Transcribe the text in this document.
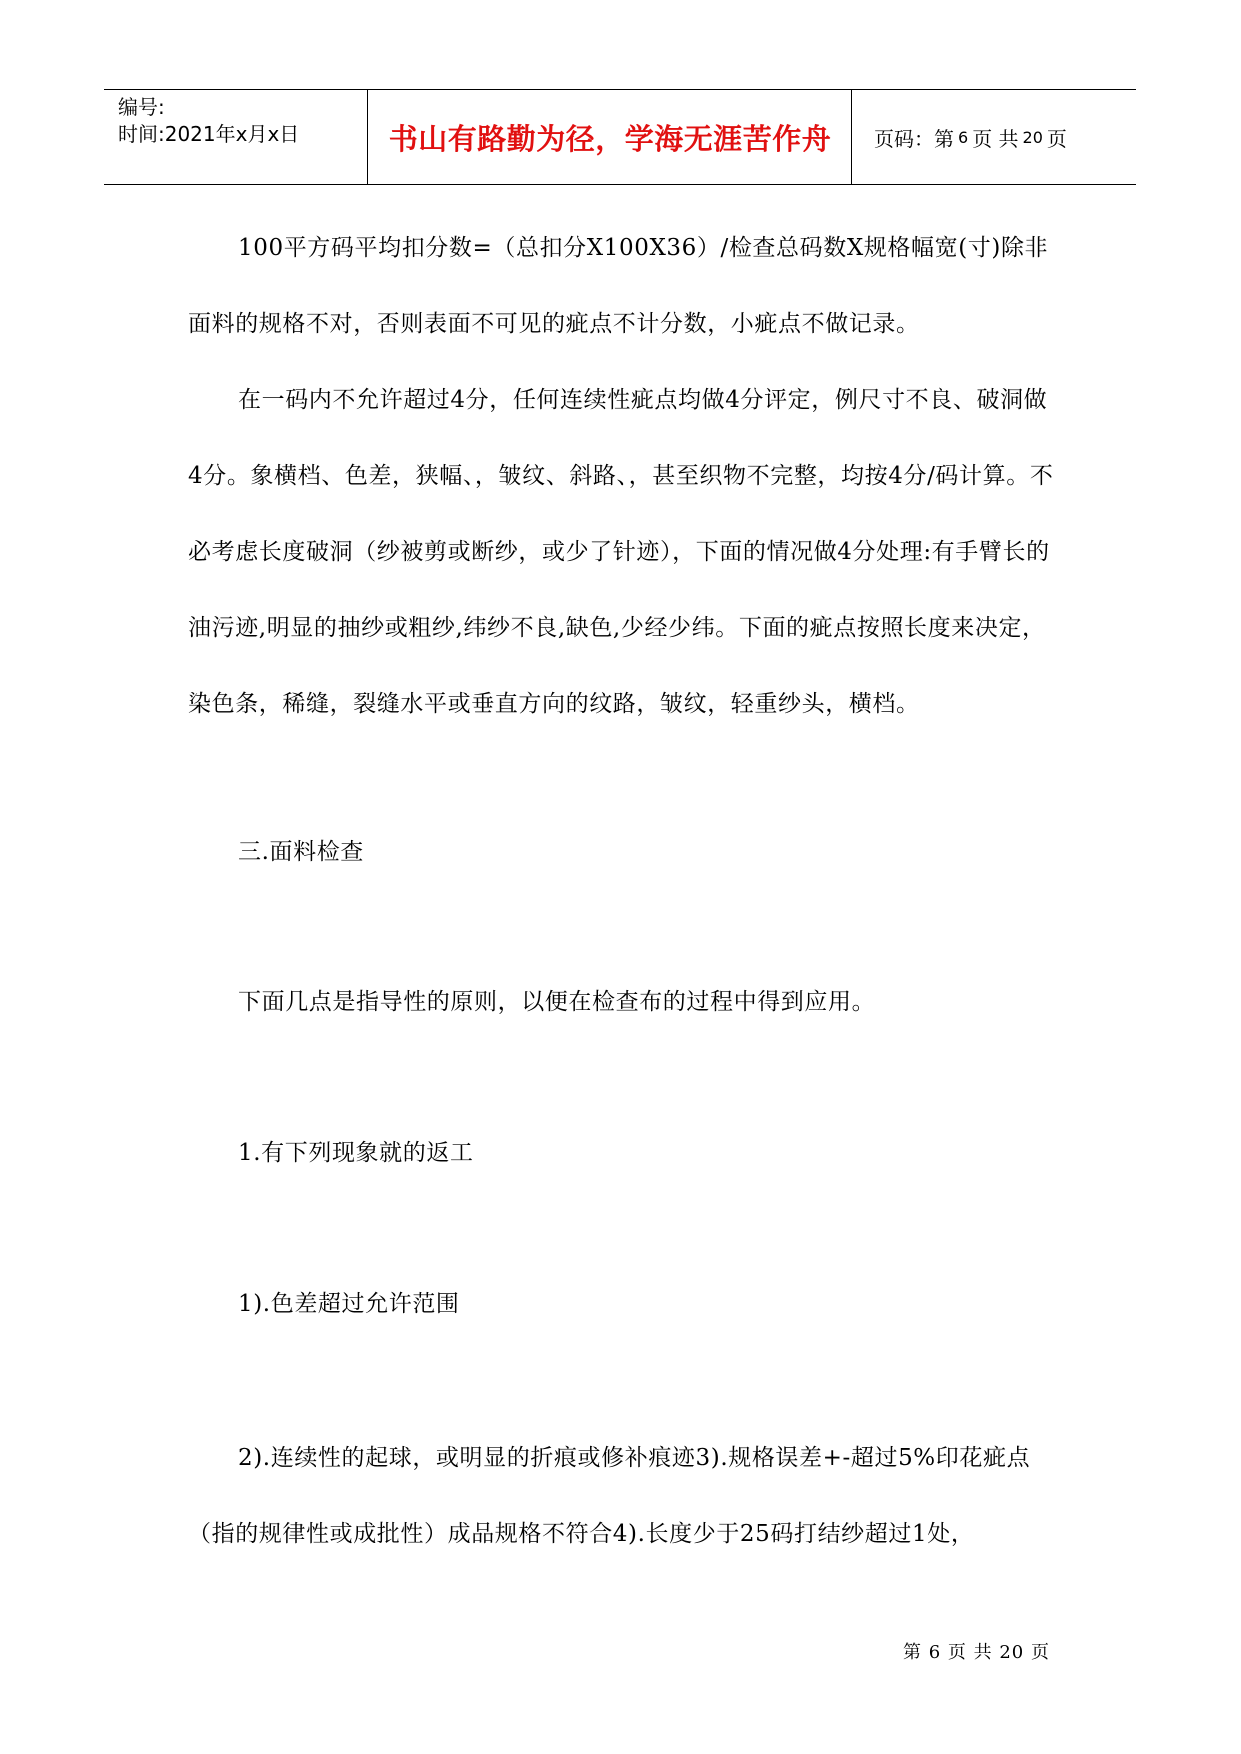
编号:
时间:2021年x月x日	书山有路勤为径，学海无涯苦作舟	页码：第 6 页 共 20 页

100平方码平均扣分数=（总扣分X100X36）/检查总码数X规格幅宽(寸)除非面料的规格不对，否则表面不可见的疵点不计分数，小疵点不做记录。

在一码内不允许超过4分，任何连续性疵点均做4分评定，例尺寸不良、破洞做4分。象横档、色差，狭幅、，皱纹、斜路、，甚至织物不完整，均按4分/码计算。不必考虑长度破洞（纱被剪或断纱，或少了针迹），下面的情况做4分处理:有手臂长的油污迹,明显的抽纱或粗纱,纬纱不良,缺色,少经少纬。下面的疵点按照长度来决定，染色条，稀缝，裂缝水平或垂直方向的纹路，皱纹，轻重纱头，横档。

三.面料检查
下面几点是指导性的原则，以便在检查布的过程中得到应用。
1.有下列现象就的返工
1).色差超过允许范围

2).连续性的起球，或明显的折痕或修补痕迹3).规格误差+-超过5%印花疵点（指的规律性或成批性）成品规格不符合4).长度少于25码打结纱超过1处，

第 6 页 共 20 页
